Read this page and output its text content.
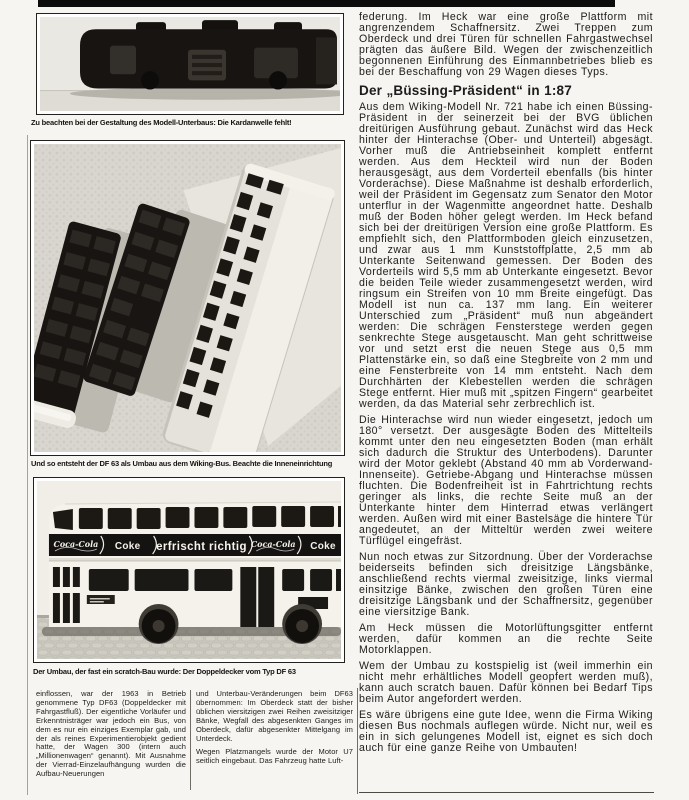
Zu beachten bei der Gestaltung des Modell-Unterbaus: Die Kardanwelle fehlt!
Und so entsteht der DF 63 als Umbau aus dem Wiking-Bus. Beachte die Inneneinrichtung
Coca-Cola Coke erfrischt richtig Coca-Cola Coke
Der Umbau, der fast ein scratch-Bau wurde: Der Doppeldecker vom Typ DF 63

einflossen, war der 1963 in Betrieb genommene Typ DF63 (Doppeldecker mit Fahrgastfluß). Der eigentliche Vorläufer und Erkenntnisträger war jedoch ein Bus, von dem es nur ein einziges Exemplar gab, und der als reines Experimentierobjekt gedient hatte, der Wagen 300 (intern auch „Millionenwagen“ genannt). Mit Ausnahme der Vierrad-Einzelaufhängung wurden die Aufbau-Neuerungen

und Unterbau-Veränderungen beim DF63 übernommen: Im Oberdeck statt der bisher üblichen viersitzigen zwei Reihen zweisitziger Bänke, Wegfall des abgesenkten Ganges im Oberdeck, dafür abgesenkter Mittelgang im Unterdeck.

Wegen Platzmangels wurde der Motor U7 seitlich eingebaut. Das Fahrzeug hatte Luft-

federung. Im Heck war eine große Plattform mit angrenzendem Schaffnersitz. Zwei Treppen zum Oberdeck und drei Türen für schnellen Fahrgastwechsel prägten das äußere Bild. Wegen der zwischenzeitlich begonnenen Einführung des Einmannbetriebes blieb es bei der Beschaffung von 29 Wagen dieses Typs.

Der „Büssing-Präsident“ in 1:87

Aus dem Wiking-Modell Nr. 721 habe ich einen Büssing-Präsident in der seinerzeit bei der BVG üblichen dreitürigen Ausführung gebaut. Zunächst wird das Heck hinter der Hinterachse (Ober- und Unterteil) abgesägt. Vorher muß die Antriebseinheit komplett entfernt werden. Aus dem Heckteil wird nun der Boden herausgesägt, aus dem Vorderteil ebenfalls (bis hinter Vorderachse). Diese Maßnahme ist deshalb erforderlich, weil der Präsident im Gegensatz zum Senator den Motor unterflur in der Wagenmitte angeordnet hatte. Deshalb muß der Boden höher gelegt werden. Im Heck befand sich bei der dreitürigen Version eine große Plattform. Es empfiehlt sich, den Plattformboden gleich einzusetzen, und zwar aus 1 mm Kunststoffplatte, 2,5 mm ab Unterkante Seitenwand gemessen. Der Boden des Vorderteils wird 5,5 mm ab Unterkante eingesetzt. Bevor die beiden Teile wieder zusammengesetzt werden, wird ringsum ein Streifen von 10 mm Breite eingefügt. Das Modell ist nun ca. 137 mm lang. Ein weiterer Unterschied zum „Präsident“ muß nun abgeändert werden: Die schrägen Fensterstege werden gegen senkrechte Stege ausgetauscht. Man geht schrittweise vor und setzt erst die neuen Stege aus 0,5 mm Plattenstärke ein, so daß eine Stegbreite von 2 mm und eine Fensterbreite von 14 mm entsteht. Nach dem Durchhärten der Klebestellen werden die schrägen Stege entfernt. Hier muß mit „spitzen Fingern“ gearbeitet werden, da das Material sehr zerbrechlich ist.

Die Hinterachse wird nun wieder eingesetzt, jedoch um 180° versetzt. Der ausgesägte Boden des Mittelteils kommt unter den neu eingesetzten Boden (man erhält sich dadurch die Struktur des Unterbodens). Darunter wird der Motor geklebt (Abstand 40 mm ab Vorderwand-Innenseite). Getriebe-Abgang und Hinterachse müssen fluchten. Die Bodenfreiheit ist in Fahrtrichtung rechts geringer als links, die rechte Seite muß an der Unterkante hinter dem Hinterrad etwas verlängert werden. Außen wird mit einer Bastelsäge die hintere Tür angedeutet, an der Mitteltür werden zwei weitere Türflügel eingefräst.

Nun noch etwas zur Sitzordnung. Über der Vorderachse beiderseits befinden sich dreisitzige Längsbänke, anschließend rechts viermal zweisitzige, links viermal einsitzige Bänke, zwischen den großen Türen eine dreisitzige Längsbank und der Schaffnersitz, gegenüber eine viersitzige Bank.

Am Heck müssen die Motorlüftungsgitter entfernt werden, dafür kommen an die rechte Seite Motorklappen.

Wem der Umbau zu kostspielig ist (weil immerhin ein nicht mehr erhältliches Modell geopfert werden muß), kann auch scratch bauen. Dafür können bei Bedarf Tips beim Autor angefordert werden.

Es wäre übrigens eine gute Idee, wenn die Firma Wiking diesen Bus nochmals auflegen würde. Nicht nur, weil es ein in sich gelungenes Modell ist, eignet es sich doch auch für eine ganze Reihe von Umbauten!
